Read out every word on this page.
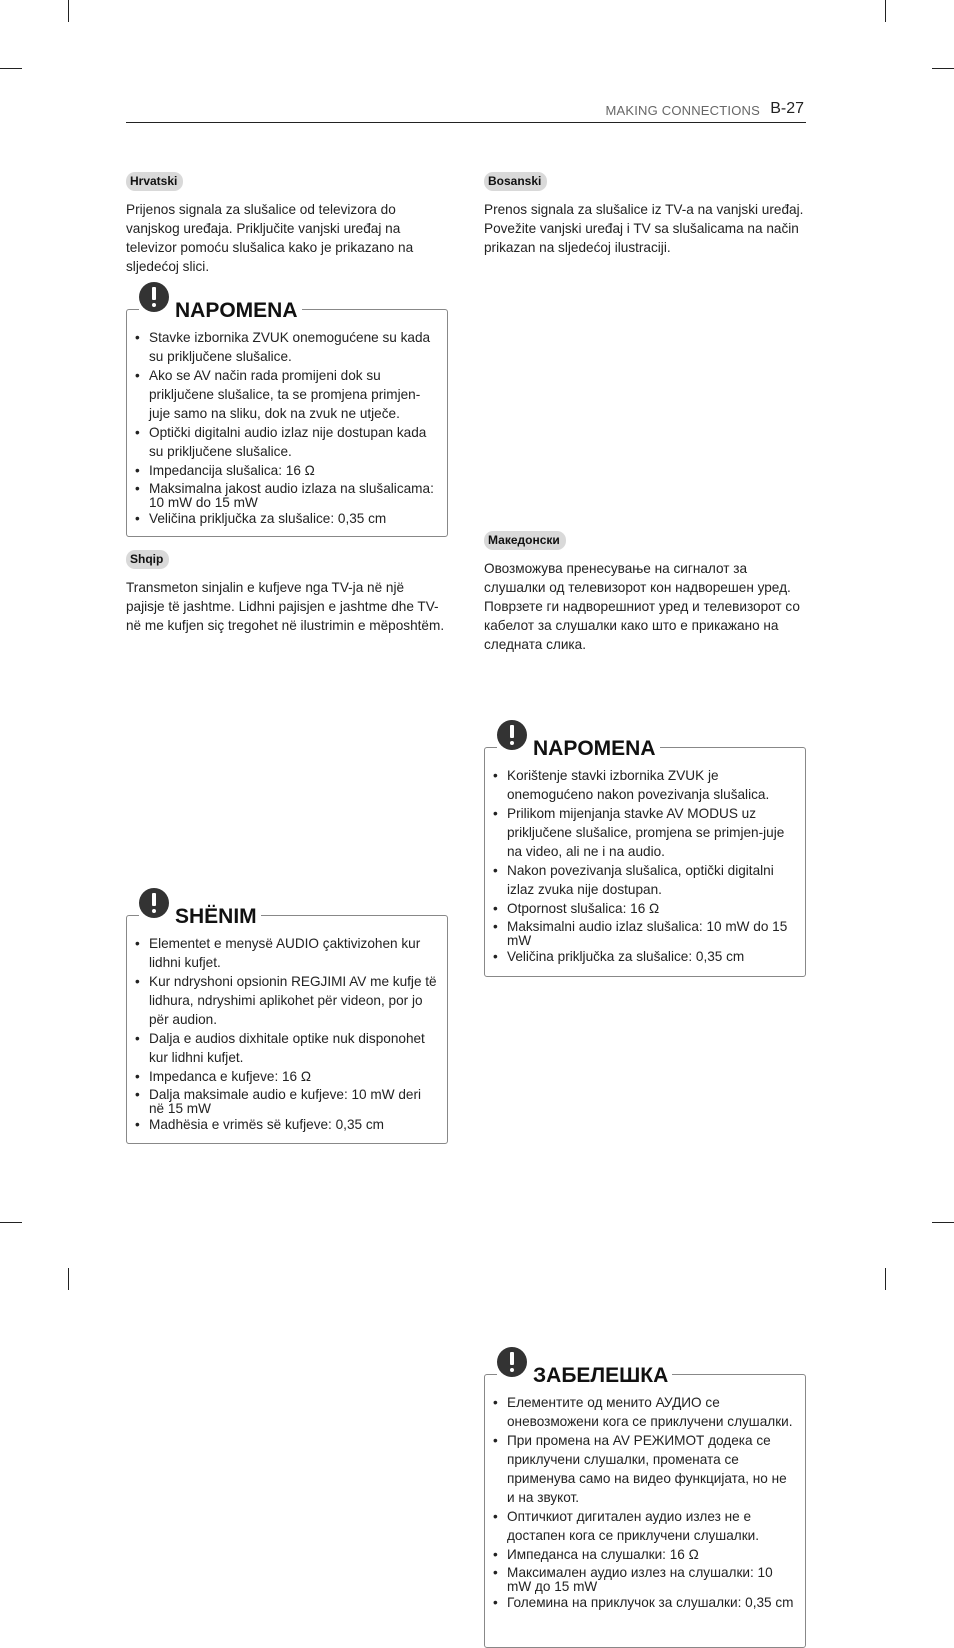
MAKING CONNECTIONS B-27
Hrvatski
Prijenos signala za slušalice od televizora do vanjskog uređaja. Priključite vanjski uređaj na televizor pomoću slušalica kako je prikazano na sljedećoj slici.
NAPOMENA
• Stavke izbornika ZVUK onemogućene su kada su priključene slušalice.
• Ako se AV način rada promijeni dok su priključene slušalice, ta se promjena primjen-juje samo na sliku, dok na zvuk ne utječe.
• Optički digitalni audio izlaz nije dostupan kada su priključene slušalice.
• Impedancija slušalica: 16 Ω
• Maksimalna jakost audio izlaza na slušalicama: 10 mW do 15 mW
• Veličina priključka za slušalice: 0,35 cm
Shqip
Transmeton sinjalin e kufjeve nga TV-ja në një pajisje të jashtme. Lidhni pajisjen e jashtme dhe TV-në me kufjen siç tregohet në ilustrimin e mëposhtëm.
SHËNIM
• Elementet e menysë AUDIO çaktivizohen kur lidhni kufjet.
• Kur ndryshoni opsionin REGJIMI AV me kufje të lidhura, ndryshimi aplikohet për videon, por jo për audion.
• Dalja e audios dixhitale optike nuk disponohet kur lidhni kufjet.
• Impedanca e kufjeve: 16 Ω
• Dalja maksimale audio e kufjeve: 10 mW deri në 15 mW
• Madhësia e vrimës së kufjeve: 0,35 cm
Bosanski
Prenos signala za slušalice iz TV-a na vanjski uređaj. Povežite vanjski uređaj i TV sa slušalicama na način prikazan na sljedećoj ilustraciji.
NAPOMENA
• Korištenje stavki izbornika ZVUK je onemogućeno nakon povezivanja slušalica.
• Prilikom mijenjanja stavke AV MODUS uz priključene slušalice, promjena se primjen-juje na video, ali ne i na audio.
• Nakon povezivanja slušalica, optički digitalni izlaz zvuka nije dostupan.
• Otpornost slušalica: 16 Ω
• Maksimalni audio izlaz slušalica: 10 mW do 15 mW
• Veličina priključka za slušalice: 0,35 cm
Македонски
Овозможува пренесување на сигналот за слушалки од телевизорот кон надворешен уред. Поврзете ги надворешниот уред и телевизорот со кабелот за слушалки како што е прикажано на следната слика.
ЗАБЕЛЕШКА
• Елементите од менито АУДИО се оневозможени кога се приклучени слушалки.
• При промена на AV РЕЖИМОТ додека се приклучени слушалки, промената се применува само на видео функцијата, но не и на звукот.
• Оптичкиот дигитален аудио излез не е достапен кога се приклучени слушалки.
• Импеданса на слушалки: 16 Ω
• Максимален аудио излез на слушалки: 10 mW до 15 mW
• Големина на приклучок за слушалки: 0,35 cm
